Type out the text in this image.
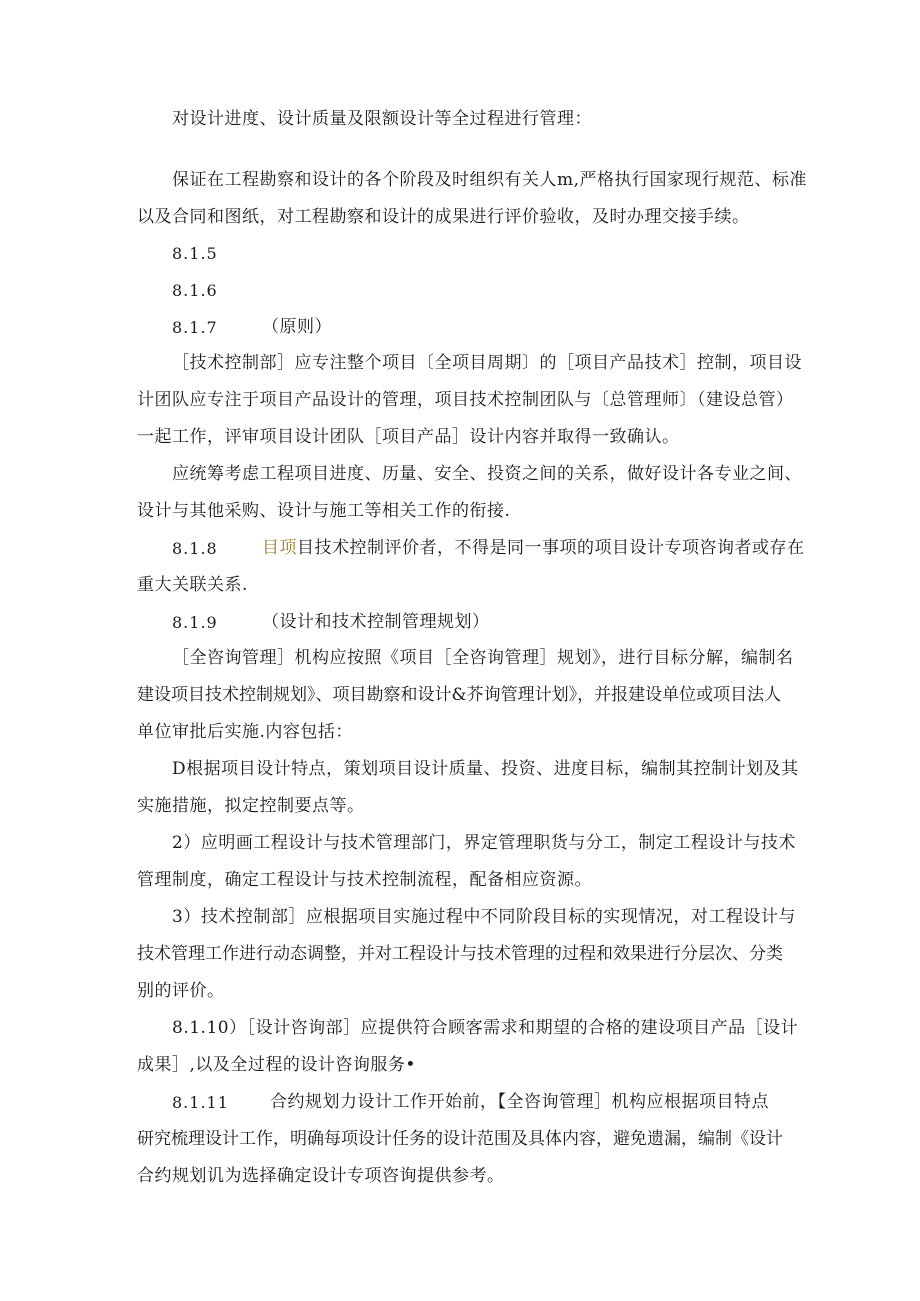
对设计进度、设计质量及限额设计等全过程进行管理：
保证在工程勘察和设计的各个阶段及时组织有关人m,严格执行国家现行规范、标准
以及合同和图纸，对工程勘察和设计的成果进行评价验收，及时办理交接手续。
8.1.5
8.1.6
8.1.7	（原则）
［技术控制部］应专注整个项目〔全项目周期〕的［项目产品技术］控制，项目设
计团队应专注于项目产品设计的管理，项目技术控制团队与〔总管理师〕（建设总管）
一起工作，评审项目设计团队［项目产品］设计内容并取得一致确认。
应统筹考虑工程项目进度、历量、安全、投资之间的关系，做好设计各专业之间、
设计与其他采购、设计与施工等相关工作的衔接.
8.1.8	目项目技术控制评价者，不得是同一事项的项目设计专项咨询者或存在
重大关联关系.
8.1.9	（设计和技术控制管理规划）
［全咨询管理］机构应按照《项目［全咨询管理］规划》，进行目标分解，编制名
建设项目技术控制规划》、项目勘察和设计&芥询管理计划》，并报建设单位或项目法人
单位审批后实施.内容包括：
D根据项目设计特点，策划项目设计质量、投资、进度目标，编制其控制计划及其
实施措施，拟定控制要点等。
2）应明画工程设计与技术管理部门，界定管理职货与分工，制定工程设计与技术
管理制度，确定工程设计与技术控制流程，配备相应资源。
3）技术控制部］应根据项目实施过程中不同阶段目标的实现情况，对工程设计与
技术管理工作进行动态调整，并对工程设计与技术管理的过程和效果进行分层次、分类
别的评价。
8.1.10）［设计咨询部］应提供符合顾客需求和期望的合格的建设项目产品［设计
成果］,以及全过程的设计咨询服务•
8.1.11 合约规划力设计工作开始前，【全咨询管理］机构应根据项目特点
研究梳理设计工作，明确每项设计任务的设计范围及具体内容，避免遗漏，编制《设计
合约规划讥为选择确定设计专项咨询提供参考。
